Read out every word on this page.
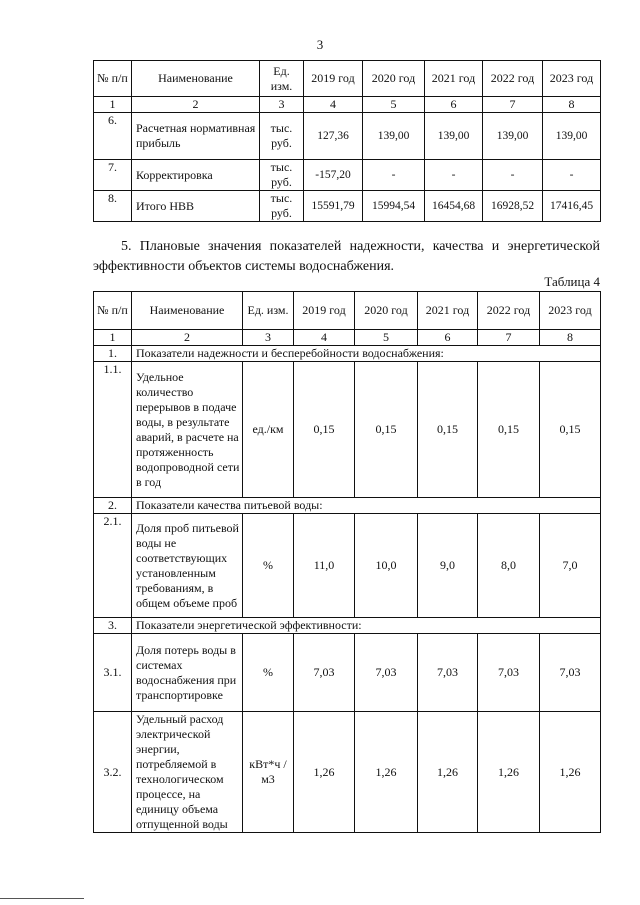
3
№ п/п	Наименование	Ед. изм.	2019 год	2020 год	2021 год	2022 год	2023 год
1	2	3	4	5	6	7	8
6.	Расчетная нормативная прибыль	тыс. руб.	127,36	139,00	139,00	139,00	139,00
7.	Корректировка	тыс. руб.	-157,20	-	-	-	-
8.	Итого НВВ	тыс. руб.	15591,79	15994,54	16454,68	16928,52	17416,45
5. Плановые значения показателей надежности, качества и энергетической эффективности объектов системы водоснабжения.
Таблица 4
№ п/п	Наименование	Ед. изм.	2019 год	2020 год	2021 год	2022 год	2023 год
1	2	3	4	5	6	7	8
1.	Показатели надежности и бесперебойности водоснабжения:						
1.1.	Удельное количество перерывов в подаче воды, в результате аварий, в расчете на протяженность водопроводной сети в год	ед./км	0,15	0,15	0,15	0,15	0,15
2.	Показатели качества питьевой воды:						
2.1.	Доля проб питьевой воды не соответствующих установленным требованиям, в общем объеме проб	%	11,0	10,0	9,0	8,0	7,0
3.	Показатели энергетической эффективности:						
3.1.	Доля потерь воды в системах водоснабжения при транспортировке	%	7,03	7,03	7,03	7,03	7,03
3.2.	Удельный расход электрической энергии, потребляемой в технологическом процессе, на единицу объема отпущенной воды	кВт*ч /м3	1,26	1,26	1,26	1,26	1,26
